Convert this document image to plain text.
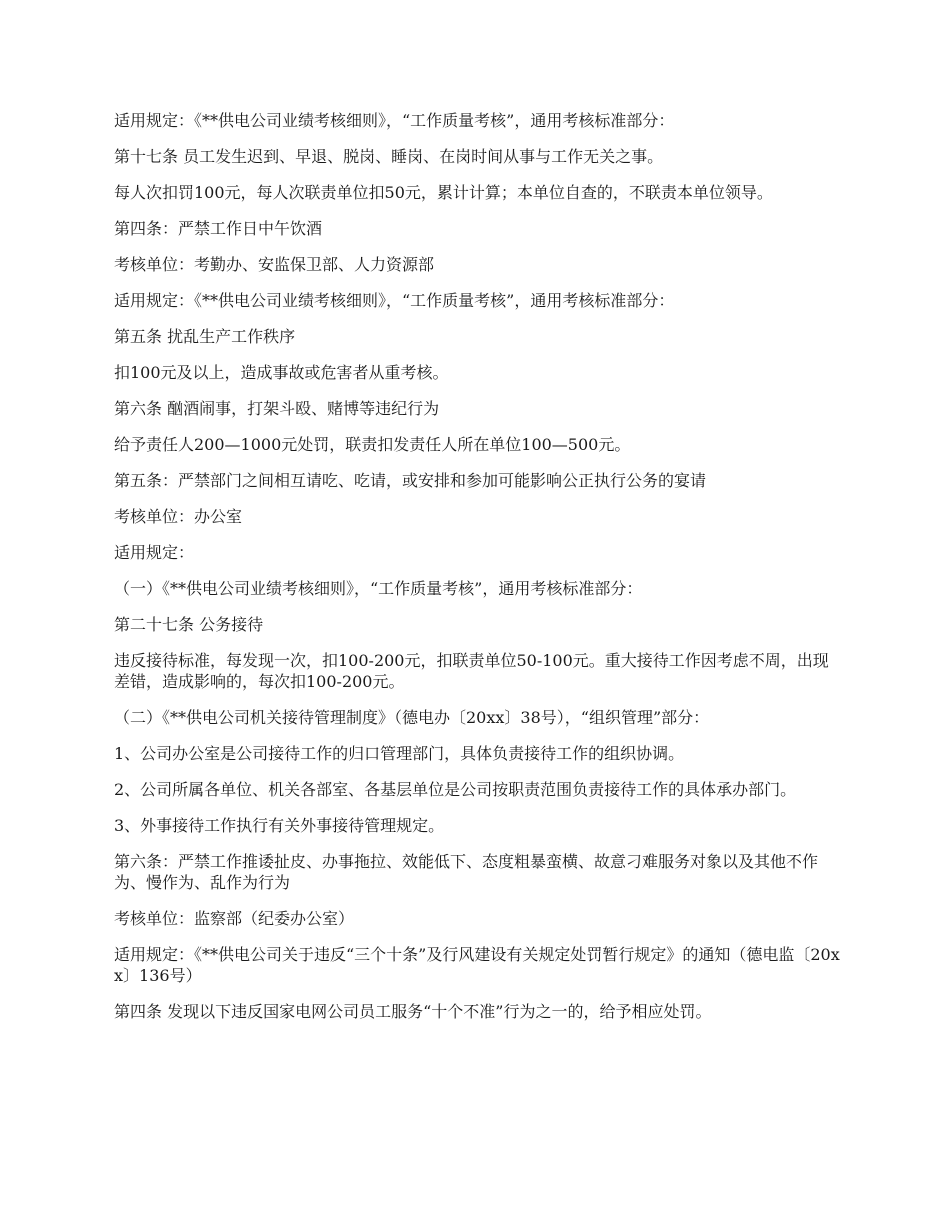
适用规定：《**供电公司业绩考核细则》，“工作质量考核”，通用考核标准部分：

第十七条 员工发生迟到、早退、脱岗、睡岗、在岗时间从事与工作无关之事。

每人次扣罚100元，每人次联责单位扣50元，累计计算；本单位自查的，不联责本单位领导。

第四条：严禁工作日中午饮酒

考核单位：考勤办、安监保卫部、人力资源部

适用规定：《**供电公司业绩考核细则》，“工作质量考核”，通用考核标准部分：

第五条 扰乱生产工作秩序

扣100元及以上，造成事故或危害者从重考核。

第六条 酗酒闹事，打架斗殴、赌博等违纪行为

给予责任人200—1000元处罚，联责扣发责任人所在单位100—500元。

第五条：严禁部门之间相互请吃、吃请，或安排和参加可能影响公正执行公务的宴请

考核单位：办公室

适用规定：

（一）《**供电公司业绩考核细则》，“工作质量考核”，通用考核标准部分：

第二十七条 公务接待

违反接待标准，每发现一次，扣100-200元，扣联责单位50-100元。重大接待工作因考虑不周，出现差错，造成影响的，每次扣100-200元。

（二）《**供电公司机关接待管理制度》（德电办〔20xx〕38号），“组织管理”部分：

1、公司办公室是公司接待工作的归口管理部门，具体负责接待工作的组织协调。

2、公司所属各单位、机关各部室、各基层单位是公司按职责范围负责接待工作的具体承办部门。

3、外事接待工作执行有关外事接待管理规定。

第六条：严禁工作推诿扯皮、办事拖拉、效能低下、态度粗暴蛮横、故意刁难服务对象以及其他不作为、慢作为、乱作为行为

考核单位：监察部（纪委办公室）

适用规定：《**供电公司关于违反“三个十条”及行风建设有关规定处罚暂行规定》的通知（德电监〔20xx〕136号）

第四条 发现以下违反国家电网公司员工服务“十个不准”行为之一的，给予相应处罚。
